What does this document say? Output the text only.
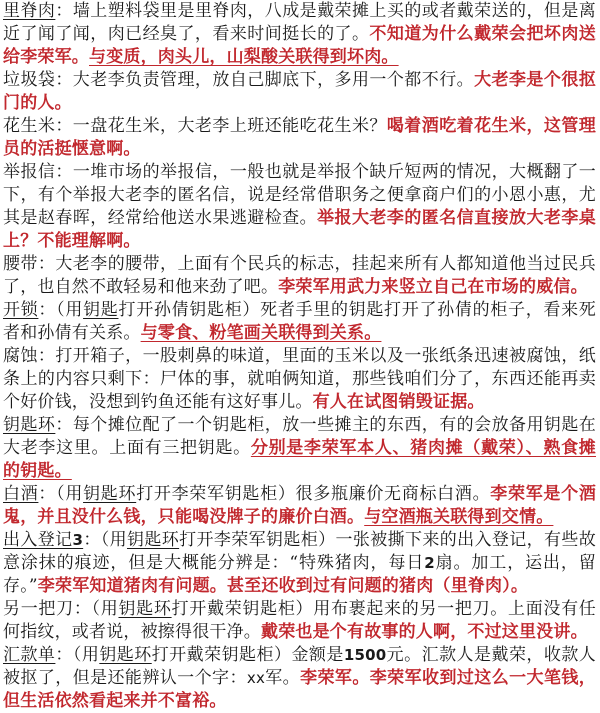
里脊肉：墙上塑料袋里是里脊肉，八成是戴荣摊上买的或者戴荣送的，但是离近了闻了闻，肉已经臭了，看来时间挺长的了。不知道为什么戴荣会把坏肉送给李荣军。与变质，肉头儿，山梨酸关联得到坏肉。

垃圾袋：大老李负责管理，放自己脚底下，多用一个都不行。大老李是个很抠门的人。

花生米：一盘花生米，大老李上班还能吃花生米？喝着酒吃着花生米，这管理员的活挺惬意啊。

举报信：一堆市场的举报信，一般也就是举报个缺斤短两的情况，大概翻了一下，有个举报大老李的匿名信，说是经常借职务之便拿商户们的小恩小惠，尤其是赵春晖，经常给他送水果逃避检查。举报大老李的匿名信直接放大老李桌上？不能理解啊。

腰带：大老李的腰带，上面有个民兵的标志，挂起来所有人都知道他当过民兵了，也自然不敢轻易和他来劲了吧。李荣军用武力来竖立自己在市场的威信。

开锁：（用钥匙打开孙倩钥匙柜）死者手里的钥匙打开了孙倩的柜子，看来死者和孙倩有关系。与零食、粉笔画关联得到关系。

腐蚀：打开箱子，一股刺鼻的味道，里面的玉米以及一张纸条迅速被腐蚀，纸条上的内容只剩下：尸体的事，就咱俩知道，那些钱咱们分了，东西还能再卖个好价钱，没想到钓鱼还能有这好事儿。有人在试图销毁证据。

钥匙环：每个摊位配了一个钥匙柜，放一些摊主的东西，有的会放备用钥匙在大老李这里。上面有三把钥匙。分别是李荣军本人、猪肉摊（戴荣）、熟食摊的钥匙。

白酒：（用钥匙环打开李荣军钥匙柜）很多瓶廉价无商标白酒。李荣军是个酒鬼，并且没什么钱，只能喝没牌子的廉价白酒。与空酒瓶关联得到交情。

出入登记3：（用钥匙环打开李荣军钥匙柜）一张被撕下来的出入登记，有些故意涂抹的痕迹，但是大概能分辨是：“特殊猪肉，每日2扇。加工，运出，留存。”李荣军知道猪肉有问题。甚至还收到过有问题的猪肉（里脊肉）。

另一把刀：（用钥匙环打开戴荣钥匙柜）用布裹起来的另一把刀。上面没有任何指纹，或者说，被擦得很干净。戴荣也是个有故事的人啊，不过这里没讲。

汇款单：（用钥匙环打开戴荣钥匙柜）金额是1500元。汇款人是戴荣，收款人被抠了，但是还能辨认一个字：xx军。李荣军。李荣军收到过这么一大笔钱，但生活依然看起来并不富裕。
